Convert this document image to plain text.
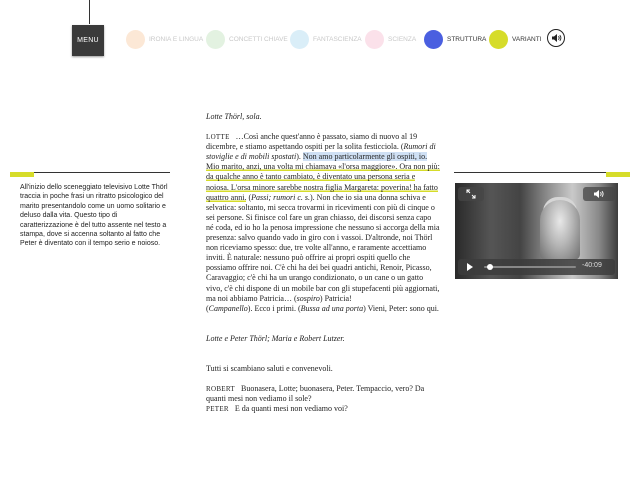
MENU	IRONIA E LINGUA	CONCETTI CHIAVE	FANTASCIENZA	SCIENZA	STRUTTURA	VARIANTI
All'inizio dello sceneggiato televisivo Lotte Thörl traccia in poche frasi un ritratto psicologico del marito presentandolo come un uomo solitario e deluso dalla vita. Questo tipo di caratterizzazione è del tutto assente nel testo a stampa, dove si accenna soltanto al fatto che Peter è diventato con il tempo serio e noioso.
Lotte Thörl, sola.
LOTTE …Così anche quest'anno è passato, siamo di nuovo al 19 dicembre, e stiamo aspettando ospiti per la solita festicciola. (Rumori di stoviglie e di mobili spostati). Non amo particolarmente gli ospiti, io. Mio marito, anzi, una volta mi chiamava «l'orsa maggiore». Ora non più: da qualche anno è tanto cambiato, è diventato una persona seria e noiosa. L'orsa minore sarebbe nostra figlia Margareta: poverina! ha fatto quattro anni. (Passi; rumori c. s.). Non che io sia una donna schiva e selvatica: soltanto, mi secca trovarmi in ricevimenti con più di cinque o sei persone. Si finisce col fare un gran chiasso, dei discorsi senza capo né coda, ed io ho la penosa impressione che nessuno si accorga della mia presenza: salvo quando vado in giro con i vassoi. D'altronde, noi Thörl non riceviamo spesso: due, tre volte all'anno, e raramente accettiamo inviti. È naturale: nessuno può offrire ai propri ospiti quello che possiamo offrire noi. C'è chi ha dei bei quadri antichi, Renoir, Picasso, Caravaggio; c'è chi ha un urango condizionato, o un cane o un gatto vivo, c'è chi dispone di un mobile bar con gli stupefacenti più aggiornati, ma noi abbiamo Patricia… (sospiro) Patricia!
(Campanello). Ecco i primi. (Bussa ad una porta) Vieni, Peter: sono qui.
Lotte e Peter Thörl; Maria e Robert Lutzer.
Tutti si scambiano saluti e convenevoli.
ROBERT Buonasera, Lotte; buonasera, Peter. Tempaccio, vero? Da quanti mesi non vediamo il sole?
PETER E da quanti mesi non vediamo voi?
-40:09
